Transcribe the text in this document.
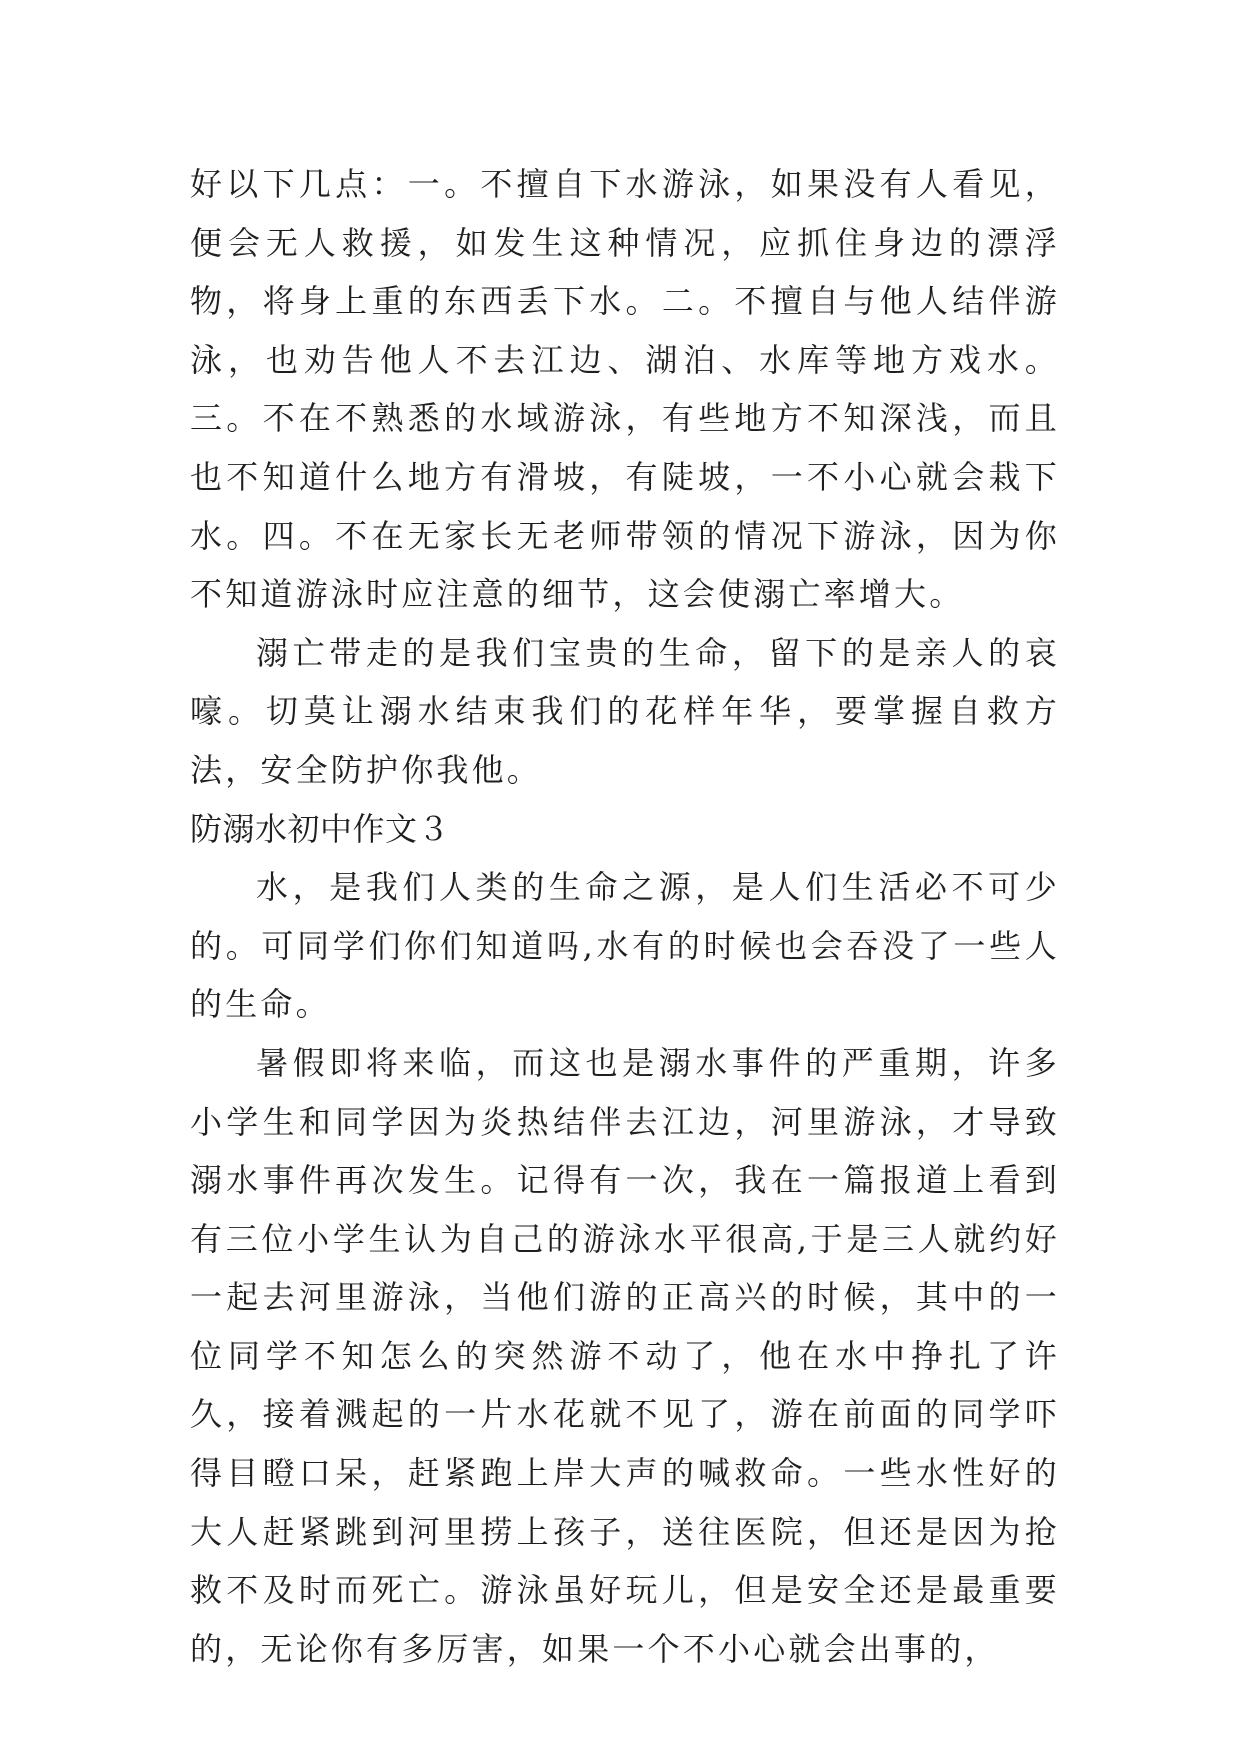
好以下几点：一。不擅自下水游泳，如果没有人看见，便会无人救援，如发生这种情况，应抓住身边的漂浮物，将身上重的东西丢下水。二。不擅自与他人结伴游泳，也劝告他人不去江边、湖泊、水库等地方戏水。三。不在不熟悉的水域游泳，有些地方不知深浅，而且也不知道什么地方有滑坡，有陡坡，一不小心就会栽下水。四。不在无家长无老师带领的情况下游泳，因为你不知道游泳时应注意的细节，这会使溺亡率增大。

溺亡带走的是我们宝贵的生命，留下的是亲人的哀嚎。切莫让溺水结束我们的花样年华，要掌握自救方法，安全防护你我他。

防溺水初中作文３

水，是我们人类的生命之源，是人们生活必不可少的。可同学们你们知道吗,水有的时候也会吞没了一些人的生命。

暑假即将来临，而这也是溺水事件的严重期，许多小学生和同学因为炎热结伴去江边，河里游泳，才导致溺水事件再次发生。记得有一次，我在一篇报道上看到有三位小学生认为自己的游泳水平很高,于是三人就约好一起去河里游泳，当他们游的正高兴的时候，其中的一位同学不知怎么的突然游不动了，他在水中挣扎了许久，接着溅起的一片水花就不见了，游在前面的同学吓得目瞪口呆，赶紧跑上岸大声的喊救命。一些水性好的大人赶紧跳到河里捞上孩子，送往医院，但还是因为抢救不及时而死亡。游泳虽好玩儿，但是安全还是最重要的，无论你有多厉害，如果一个不小心就会出事的，
